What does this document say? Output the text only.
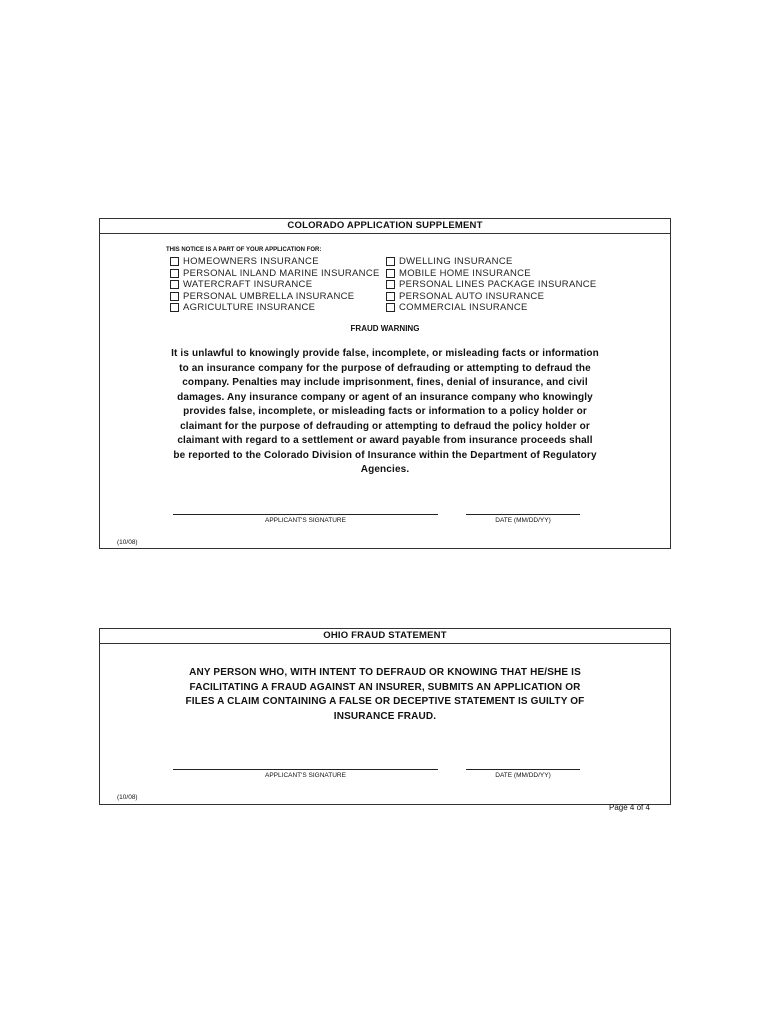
COLORADO APPLICATION SUPPLEMENT
THIS NOTICE IS A PART OF YOUR APPLICATION FOR:
HOMEOWNERS INSURANCE
PERSONAL INLAND MARINE INSURANCE
WATERCRAFT INSURANCE
PERSONAL UMBRELLA INSURANCE
AGRICULTURE INSURANCE
DWELLING INSURANCE
MOBILE HOME INSURANCE
PERSONAL LINES PACKAGE INSURANCE
PERSONAL AUTO INSURANCE
COMMERCIAL INSURANCE
FRAUD WARNING
It is unlawful to knowingly provide false, incomplete, or misleading facts or information to an insurance company for the purpose of defrauding or attempting to defraud the company. Penalties may include imprisonment, fines, denial of insurance, and civil damages. Any insurance company or agent of an insurance company who knowingly provides false, incomplete, or misleading facts or information to a policy holder or claimant for the purpose of defrauding or attempting to defraud the policy holder or claimant with regard to a settlement or award payable from insurance proceeds shall be reported to the Colorado Division of Insurance within the Department of Regulatory Agencies.
APPLICANT'S SIGNATURE	DATE (MM/DD/YY)
(10/08)
OHIO FRAUD STATEMENT
ANY PERSON WHO, WITH INTENT TO DEFRAUD OR KNOWING THAT HE/SHE IS FACILITATING A FRAUD AGAINST AN INSURER, SUBMITS AN APPLICATION OR FILES A CLAIM CONTAINING A FALSE OR DECEPTIVE STATEMENT IS GUILTY OF INSURANCE FRAUD.
APPLICANT'S SIGNATURE	DATE (MM/DD/YY)
(10/08)
Page 4 of 4
